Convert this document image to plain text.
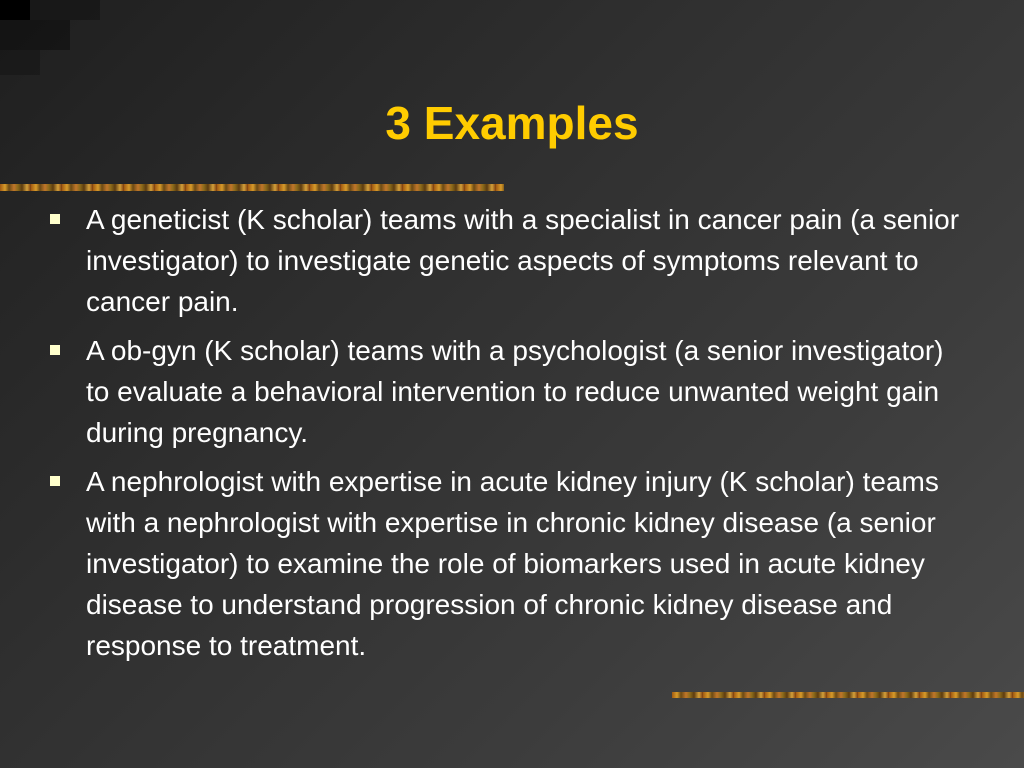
3 Examples
A geneticist (K scholar) teams with a specialist in cancer pain (a senior investigator) to investigate genetic aspects of symptoms relevant to cancer pain.
A ob-gyn (K scholar) teams with a psychologist (a senior investigator) to evaluate a behavioral intervention to reduce unwanted weight gain during pregnancy.
A nephrologist with expertise in acute kidney injury (K scholar) teams with a nephrologist with expertise in chronic kidney disease (a senior investigator) to examine the role of biomarkers used in acute kidney disease to understand progression of chronic kidney disease and response to treatment.
